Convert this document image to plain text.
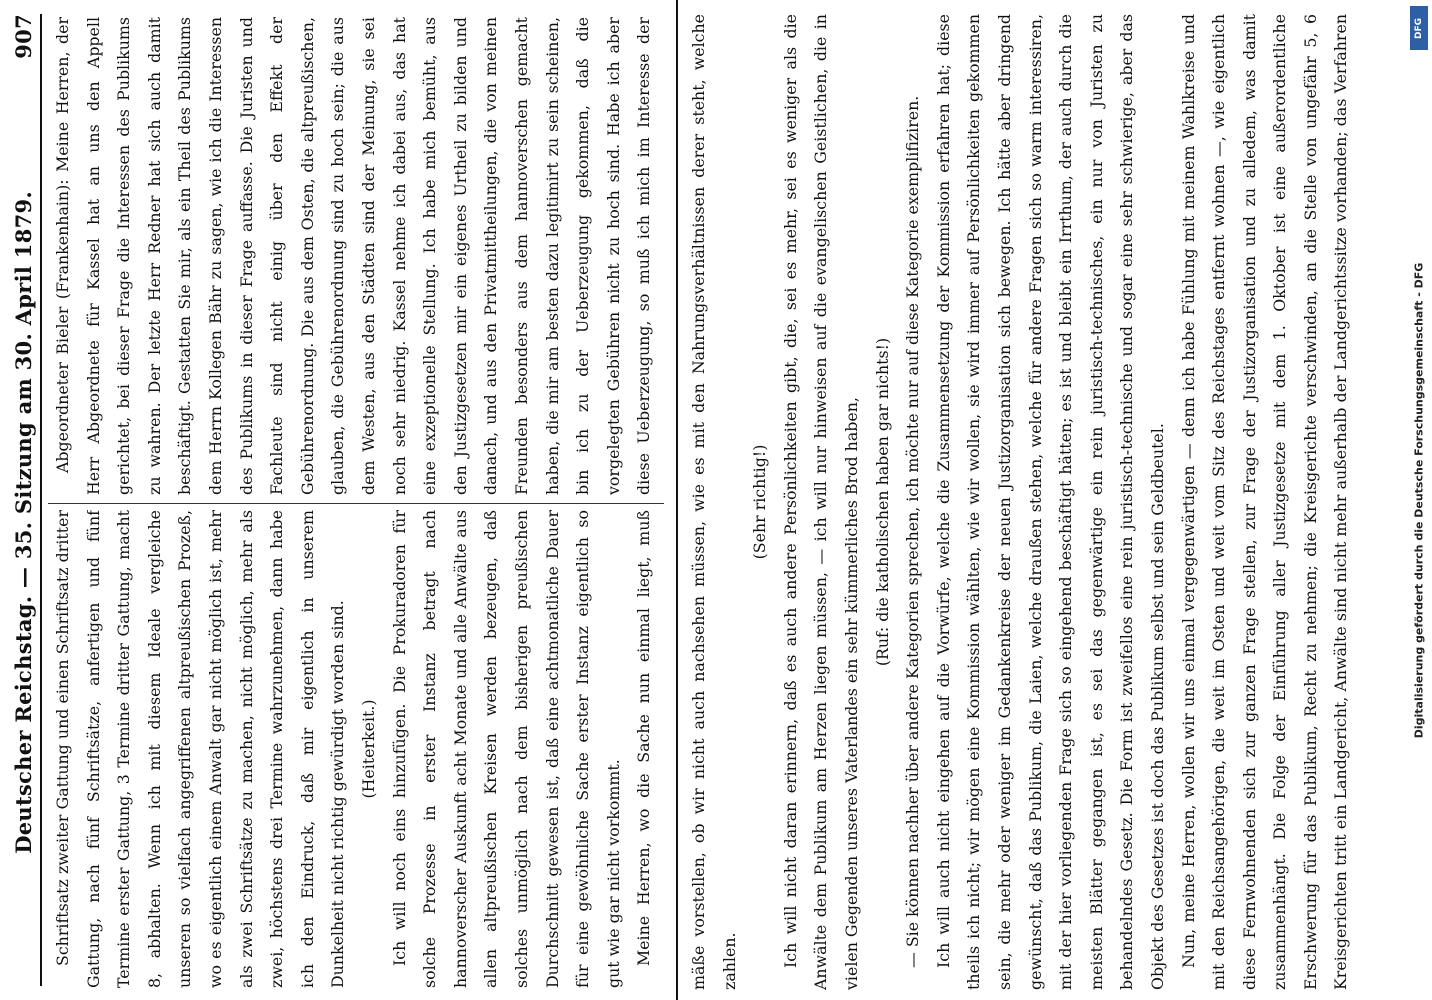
Deutscher Reichstag. — 35. Sitzung am 30. April 1879.
907

Schriftsatz zweiter Gattung und einen Schriftsatz dritter Gattung, nach fünf Schriftsätze, anfertigen und fünf Termine erster Gattung, 3 Termine dritter Gattung, macht 8, abhalten. Wenn ich mit diesem Ideale vergleiche unseren so vielfach angegriffenen altpreußischen Prozeß, wo es eigentlich einem Anwalt gar nicht möglich ist, mehr als zwei Schriftsätze zu machen, nicht möglich, mehr als zwei, höchstens drei Termine wahrzunehmen, dann habe ich den Eindruck, daß mir eigentlich in unserem Dunkelheit nicht richtig gewürdigt worden sind. (Heiterkeit.) Ich will noch eins hinzufügen. Die Prokuradoren für solche Prozesse in erster Instanz betragt nach hannoverscher Auskunft acht Monate und alle Anwälte aus allen altpreußischen Kreisen werden bezeugen, daß solches unmöglich nach dem bisherigen preußischen Durchschnitt gewesen ist, daß eine achtmonatliche Dauer für eine gewöhnliche Sache erster Instanz eigentlich so gut wie gar nicht vorkommt. Meine Herren, wo die Sache nun einmal liegt, muß

Abgeordneter Bieler (Frankenhain): Meine Herren, der Herr Abgeordnete für Kassel hat an uns den Appell gerichtet, bei dieser Frage die Interessen des Publikums zu wahren. Der letzte Herr Redner hat sich auch damit beschäftigt. Gestatten Sie mir, als ein Theil des Publikums dem Herrn Kollegen Bähr zu sagen, wie ich die Interessen des Publikums in dieser Frage auffasse. Die Juristen und Fachleute sind nicht einig über den Effekt der Gebührenordnung. Die aus dem Osten, die altpreußischen, glauben, die Gebührenordnung sind zu hoch sein; die aus dem Westen, aus den Städten sind der Meinung, sie sei noch sehr niedrig. Kassel nehme ich dabei aus, das hat eine exzeptionelle Stellung. Ich habe mich bemüht, aus den Justizgesetzen mir ein eigenes Urtheil zu bilden und danach, und aus den Privatmittheilungen, die von meinen Freunden besonders aus dem hannoverschen gemacht haben, die mir am besten dazu legitimirt zu sein scheinen, bin ich zu der Ueberzeugung gekommen, daß die vorgelegten Gebühren nicht zu hoch sind. Habe ich aber diese Ueberzeugung, so muß ich mich im Interesse der	mäße vorstellen, ob wir nicht auch nachsehen müssen, wie es mit den Nahrungsverhältnissen derer steht, welche zahlen.

(Sehr richtig!) Ich will nicht daran erinnern, daß es auch andere Persönlichkeiten gibt, die, sei es mehr, sei es weniger als die Anwälte dem Publikum am Herzen liegen müssen, — ich will nur hinweisen auf die evangelischen Geistlichen, die in vielen Gegenden unseres Vaterlandes ein sehr kümmerliches Brod haben, (Ruf: die katholischen haben gar nichts!) — Sie können nachher über andere Kategorien sprechen, ich möchte nur auf diese Kategorie exemplifiziren. Ich will auch nicht eingehen auf die Vorwürfe, welche die Zusammensetzung der Kommission erfahren hat; diese theils ich nicht; wir mögen eine Kommission wählten, wie wir wollen, sie wird immer auf Persönlichkeiten gekommen sein, die mehr oder weniger im Gedankenkreise der neuen Justizorganisation sich bewegen. Ich hätte aber dringend gewünscht, daß das Publikum, die Laien, welche draußen stehen, welche für andere Fragen sich so warm interessiren, mit der hier vorliegenden Frage sich so eingehend beschäftigt hätten; es ist und bleibt ein Irrthum, der auch durch die meisten Blätter gegangen ist, es sei das gegenwärtige ein rein juristisch-technisches, ein nur von Juristen zu behandelndes Gesetz. Die Form ist zweifellos eine rein juristisch-technische und sogar eine sehr schwierige, aber das Objekt des Gesetzes ist doch das Publikum selbst und sein Geldbeutel. Nun, meine Herren, wollen wir uns einmal vergegenwärtigen — denn ich habe Fühlung mit meinem Wahlkreise und mit den Reichsangehörigen, die weit im Osten und weit vom Sitz des Reichstages entfernt wohnen —, wie eigentlich diese Fernwohnenden sich zur ganzen Frage stellen, zur Frage der Justizorganisation und zu alledem, was damit zusammenhängt. Die Folge der Einführung aller Justizgesetze mit dem 1. Oktober ist eine außerordentliche Erschwerung für das Publikum, Recht zu nehmen; die Kreisgerichte verschwinden, an die Stelle von ungefähr 5, 6 Kreisgerichten tritt ein Landgericht, Anwälte sind nicht mehr außerhalb der Landgerichtssitze vorhanden; das Verfahren

Digitalisierung gefördert durch die Deutsche Forschungsgemeinschaft - DFG
DFG
